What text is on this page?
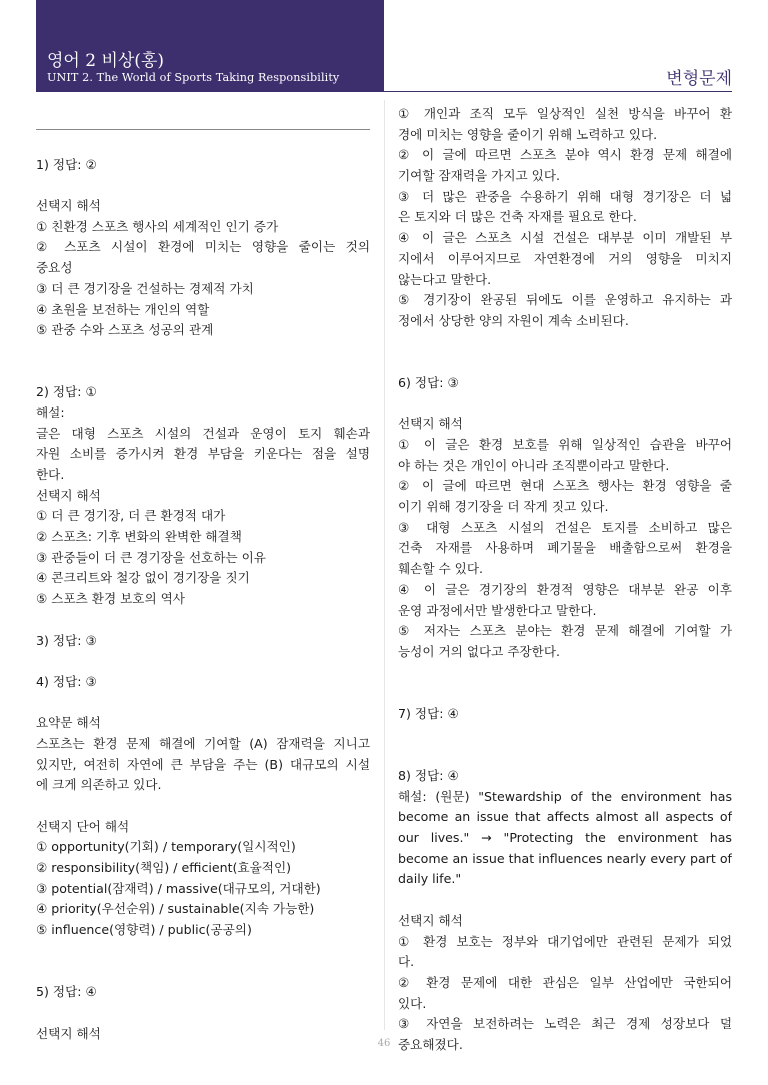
영어 2 비상(홍)
UNIT 2. The World of Sports Taking Responsibility	변형문제
1) 정답: ②
선택지 해석
① 친환경 스포츠 행사의 세계적인 인기 증가
② 스포츠 시설이 환경에 미치는 영향을 줄이는 것의
중요성
③ 더 큰 경기장을 건설하는 경제적 가치
④ 초원을 보전하는 개인의 역할
⑤ 관중 수와 스포츠 성공의 관계
2) 정답: ①
해설:
글은 대형 스포츠 시설의 건설과 운영이 토지 훼손과
자원 소비를 증가시켜 환경 부담을 키운다는 점을 설명
한다.
선택지 해석
① 더 큰 경기장, 더 큰 환경적 대가
② 스포츠: 기후 변화의 완벽한 해결책
③ 관중들이 더 큰 경기장을 선호하는 이유
④ 콘크리트와 철강 없이 경기장을 짓기
⑤ 스포츠 환경 보호의 역사
3) 정답: ③
4) 정답: ③
요약문 해석
스포츠는 환경 문제 해결에 기여할 (A) 잠재력을 지니고
있지만, 여전히 자연에 큰 부담을 주는 (B) 대규모의 시설
에 크게 의존하고 있다.
선택지 단어 해석
① opportunity(기회) / temporary(일시적인)
② responsibility(책임) / efficient(효율적인)
③ potential(잠재력) / massive(대규모의, 거대한)
④ priority(우선순위) / sustainable(지속 가능한)
⑤ influence(영향력) / public(공공의)
5) 정답: ④
선택지 해석
① 개인과 조직 모두 일상적인 실천 방식을 바꾸어 환
경에 미치는 영향을 줄이기 위해 노력하고 있다.
② 이 글에 따르면 스포츠 분야 역시 환경 문제 해결에
기여할 잠재력을 가지고 있다.
③ 더 많은 관중을 수용하기 위해 대형 경기장은 더 넓
은 토지와 더 많은 건축 자재를 필요로 한다.
④ 이 글은 스포츠 시설 건설은 대부분 이미 개발된 부
지에서 이루어지므로 자연환경에 거의 영향을 미치지
않는다고 말한다.
⑤ 경기장이 완공된 뒤에도 이를 운영하고 유지하는 과
정에서 상당한 양의 자원이 계속 소비된다.
6) 정답: ③
선택지 해석
① 이 글은 환경 보호를 위해 일상적인 습관을 바꾸어
야 하는 것은 개인이 아니라 조직뿐이라고 말한다.
② 이 글에 따르면 현대 스포츠 행사는 환경 영향을 줄
이기 위해 경기장을 더 작게 짓고 있다.
③ 대형 스포츠 시설의 건설은 토지를 소비하고 많은
건축 자재를 사용하며 폐기물을 배출함으로써 환경을
훼손할 수 있다.
④ 이 글은 경기장의 환경적 영향은 대부분 완공 이후
운영 과정에서만 발생한다고 말한다.
⑤ 저자는 스포츠 분야는 환경 문제 해결에 기여할 가
능성이 거의 없다고 주장한다.
7) 정답: ④
8) 정답: ④
해설: (원문) "Stewardship of the environment has
become an issue that affects almost all aspects of
our lives." → "Protecting the environment has
become an issue that influences nearly every part of
daily life."
선택지 해석
① 환경 보호는 정부와 대기업에만 관련된 문제가 되었
다.
② 환경 문제에 대한 관심은 일부 산업에만 국한되어
있다.
③ 자연을 보전하려는 노력은 최근 경제 성장보다 덜
중요해졌다.
46
